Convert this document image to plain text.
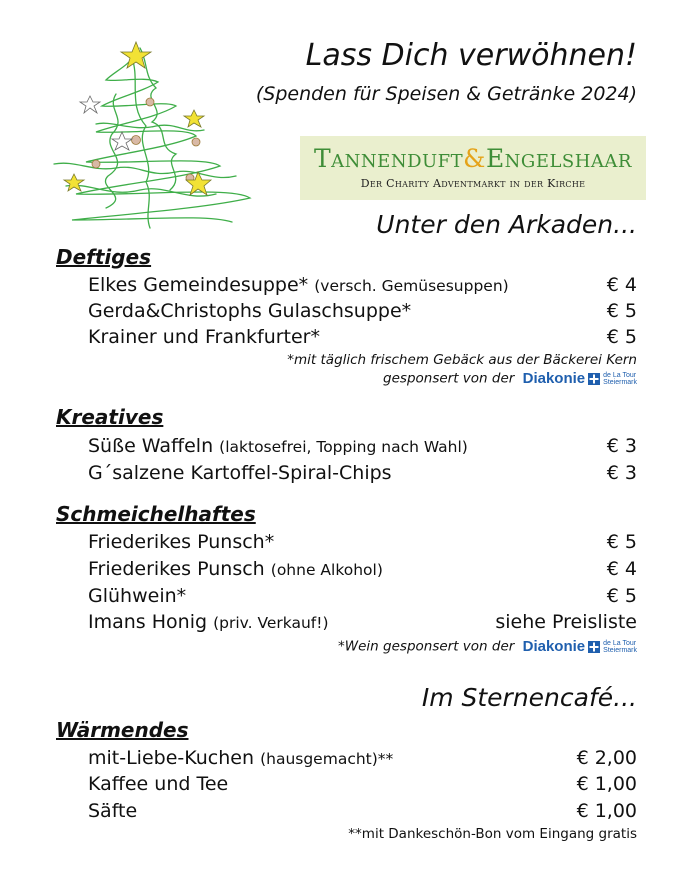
Lass Dich verwöhnen!
(Spenden für Speisen & Getränke 2024)
Tannenduft&Engelshaar
Der Charity Adventmarkt in der Kirche
Unter den Arkaden...
Deftiges
Elkes Gemeindesuppe* (versch. Gemüsesuppen)	€ 4
Gerda&Christophs Gulaschsuppe*	€ 5
Krainer und Frankfurter*	€ 5
*mit täglich frischem Gebäck aus der Bäckerei Kern
gesponsert von der Diakonie	de La Tour
Steiermark
Kreatives
Süße Waffeln (laktosefrei, Topping nach Wahl)	€ 3
G´salzene Kartoffel-Spiral-Chips	€ 3
Schmeichelhaftes
Friederikes Punsch*	€ 5
Friederikes Punsch (ohne Alkohol)	€ 4
Glühwein*	€ 5
Imans Honig (priv. Verkauf!)	siehe Preisliste
*Wein gesponsert von der Diakonie	de La Tour
Steiermark
Im Sternencafé...
Wärmendes
mit-Liebe-Kuchen (hausgemacht)**	€ 2,00
Kaffee und Tee	€ 1,00
Säfte	€ 1,00
**mit Dankeschön-Bon vom Eingang gratis
